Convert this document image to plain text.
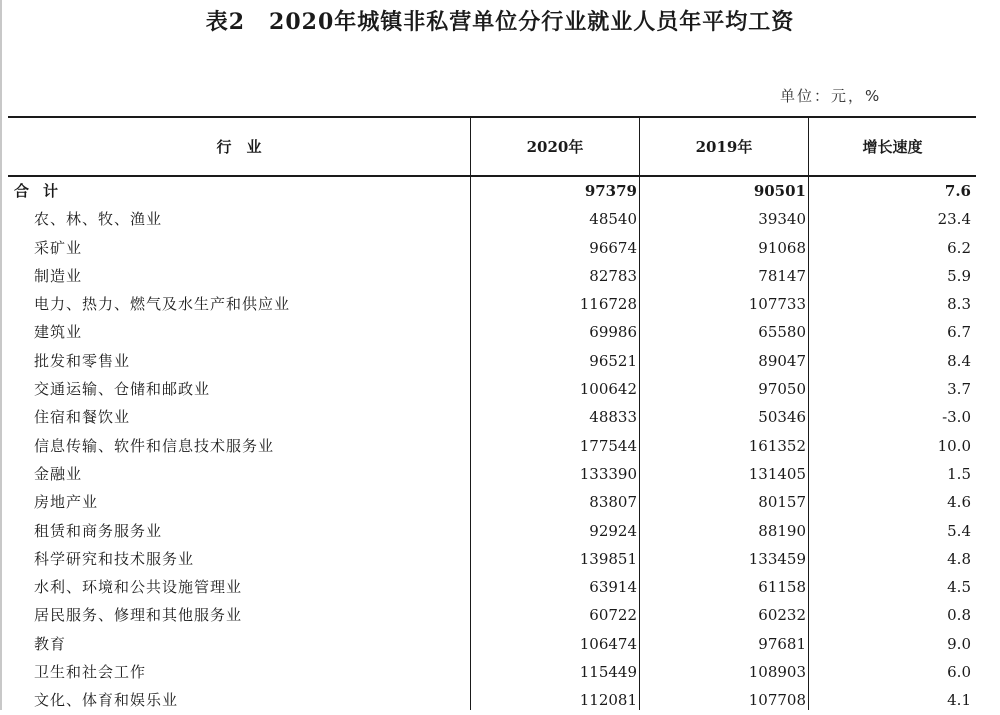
表2 2020年城镇非私营单位分行业就业人员年平均工资
单位：元，%
行　业	2020年	2019年	增长速度
合计	97379	90501	7.6
农、林、牧、渔业	48540	39340	23.4
采矿业	96674	91068	6.2
制造业	82783	78147	5.9
电力、热力、燃气及水生产和供应业	116728	107733	8.3
建筑业	69986	65580	6.7
批发和零售业	96521	89047	8.4
交通运输、仓储和邮政业	100642	97050	3.7
住宿和餐饮业	48833	50346	-3.0
信息传输、软件和信息技术服务业	177544	161352	10.0
金融业	133390	131405	1.5
房地产业	83807	80157	4.6
租赁和商务服务业	92924	88190	5.4
科学研究和技术服务业	139851	133459	4.8
水利、环境和公共设施管理业	63914	61158	4.5
居民服务、修理和其他服务业	60722	60232	0.8
教育	106474	97681	9.0
卫生和社会工作	115449	108903	6.0
文化、体育和娱乐业	112081	107708	4.1
